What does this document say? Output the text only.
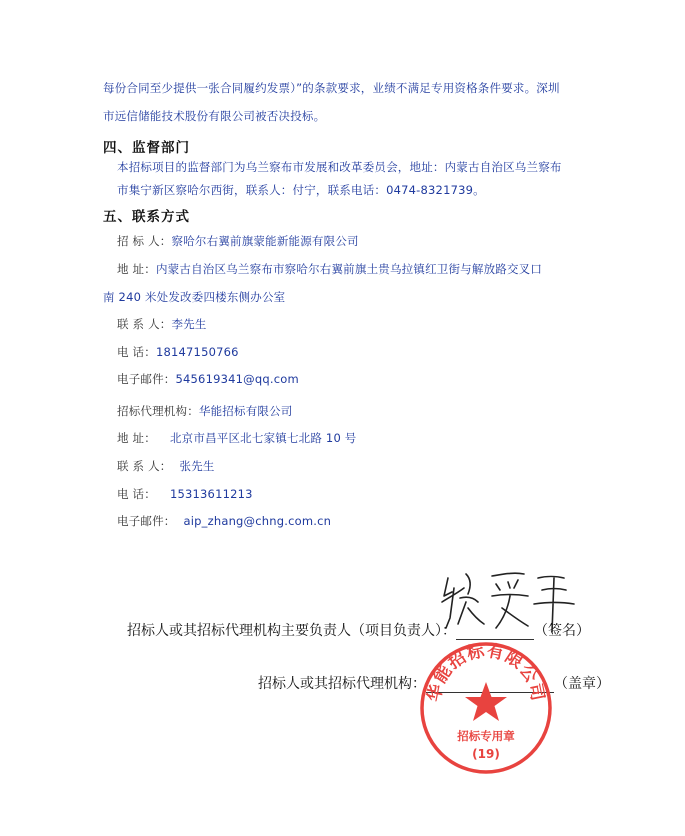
每份合同至少提供一张合同履约发票）”的条款要求，业绩不满足专用资格条件要求。深圳
市远信储能技术股份有限公司被否决投标。
四、监督部门
本招标项目的监督部门为乌兰察布市发展和改革委员会，地址：内蒙古自治区乌兰察布
市集宁新区察哈尔西街，联系人：付宁，联系电话：0474-8321739。
五、联系方式
招 标 人：察哈尔右翼前旗蒙能新能源有限公司
地 址：内蒙古自治区乌兰察布市察哈尔右翼前旗土贵乌拉镇红卫街与解放路交叉口
南 240 米处发改委四楼东侧办公室
联 系 人：李先生
电 话：18147150766
电子邮件：545619341@qq.com
招标代理机构：华能招标有限公司
地 址： 北京市昌平区北七家镇七北路 10 号
联 系 人： 张先生
电 话： 15313611213
电子邮件： aip_zhang@chng.com.cn
招标人或其招标代理机构主要负责人（项目负责人）：	（签名）
招标人或其招标代理机构：	（盖章）
华能招标有限公司
招标专用章
(19)
